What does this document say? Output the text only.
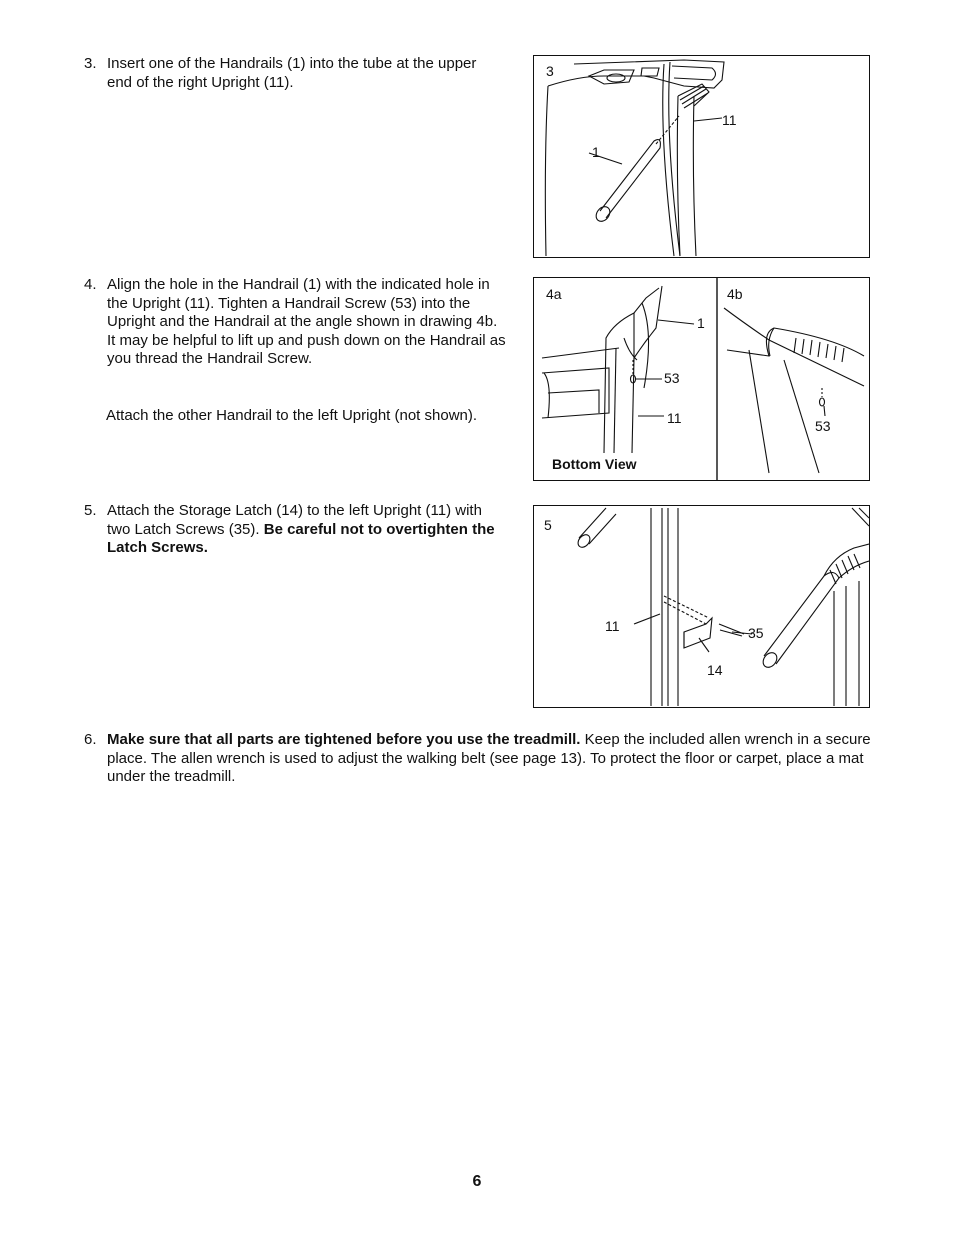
3. Insert one of the Handrails (1) into the tube at the upper end of the right Upright (11).
4. Align the hole in the Handrail (1) with the indicated hole in the Upright (11). Tighten a Handrail Screw (53) into the Upright and the Handrail at the angle shown in drawing 4b. It may be helpful to lift up and push down on the Handrail as you thread the Handrail Screw.
Attach the other Handrail to the left Upright (not shown).
5. Attach the Storage Latch (14) to the left Upright (11) with two Latch Screws (35). Be careful not to overtighten the Latch Screws.
6. Make sure that all parts are tightened before you use the treadmill. Keep the included allen wrench in a secure place. The allen wrench is used to adjust the walking belt (see page 13). To protect the floor or carpet, place a mat under the treadmill.
3
11
1
4a
1
53
11
Bottom View
4b
53
5
11	35
14
6
